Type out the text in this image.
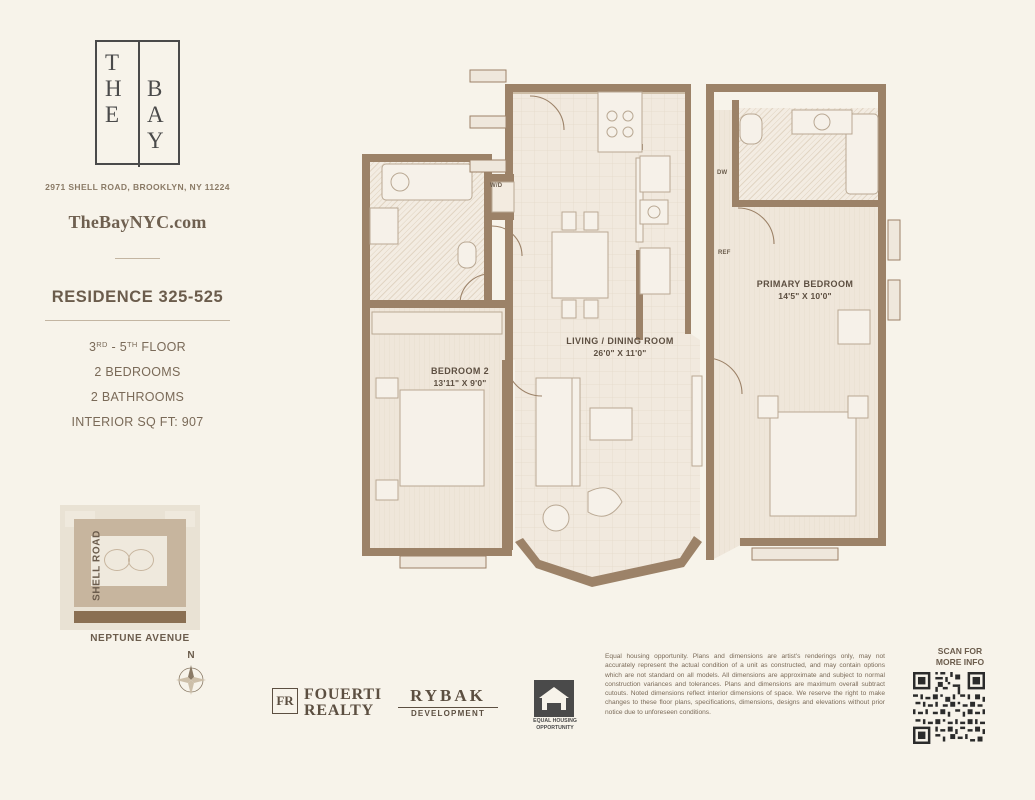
T
H
E
B
A
Y
2971 SHELL ROAD, BROOKLYN, NY 11224
TheBayNYC.com
RESIDENCE 325-525
3RD - 5TH FLOOR
2 BEDROOMS
2 BATHROOMS
INTERIOR SQ FT: 907
SHELL ROAD
NEPTUNE AVENUE
N
LIVING / DINING ROOM
26'0" X 11'0"
PRIMARY BEDROOM
14'5" X 10'0"
BEDROOM 2
13'11" X 9'0"
W/D
DW
REF
Equal housing opportunity. Plans and dimensions are artist's renderings only, may not accurately represent the actual condition of a unit as constructed, and may contain options which are not standard on all models. All dimensions are approximate and subject to normal construction variances and tolerances. Plans and dimensions are maximum overall subtract cutouts. Noted dimensions reflect interior dimensions of space. We reserve the right to make changes to these floor plans, specifications, dimensions, designs and elevations without prior notice due to unforeseen conditions.
SCAN FOR
MORE INFO
FR FOUERTI
REALTY
RYBAK
DEVELOPMENT
EQUAL HOUSING
OPPORTUNITY
